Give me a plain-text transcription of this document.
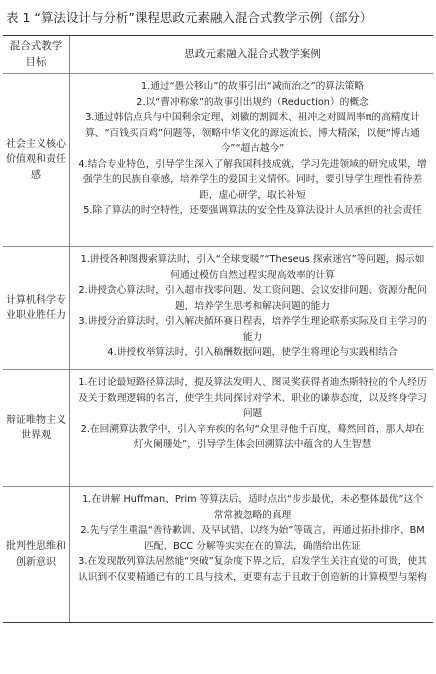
表 1 “算法设计与分析”课程思政元素融入混合式教学示例（部分）
混合式教学目标
思政元素融入混合式教学案例
社会主义核心价值观和责任感
1.通过“愚公移山”的故事引出“减而治之”的算法策略
2.以“曹冲称象”的故事引出规约（Reduction）的概念
3.通过韩信点兵与中国剩余定理、刘徽的割圆术、祖冲之对圆周率π的高精度计算、“百钱买百鸡”问题等，领略中华文化的源远流长、博大精深，以便“博古通今”“超古越今”
4.结合专业特色，引导学生深入了解我国科技成就，学习先进领域的研究成果，增强学生的民族自豪感，培养学生的爱国主义情怀。同时，要引导学生理性看待差距，虚心研学，取长补短
5.除了算法的时空特性，还要强调算法的安全性及算法设计人员承担的社会责任
计算机科学专业职业胜任力
1.讲授各种图搜索算法时，引入“全球变暖”“Theseus 探索迷宫”等问题，揭示如何通过模仿自然过程实现高效率的计算
2.讲授贪心算法时，引入超市找零问题、发工资问题、会议安排问题、资源分配问题，培养学生思考和解决问题的能力
3.讲授分治算法时，引入解决循环赛日程表，培养学生理论联系实际及自主学习的能力
4.讲授枚举算法时，引入稿酬数据问题，使学生将理论与实践相结合
辩证唯物主义世界观
1.在讨论最短路径算法时，提及算法发明人、图灵奖获得者迪杰斯特拉的个人经历及关于数理逻辑的名言，使学生共同探讨对学术、职业的谦恭态度，以及终身学习问题
2.在回溯算法教学中，引入辛弃疾的名句“众里寻他千百度，蓦然回首，那人却在灯火阑珊处”，引导学生体会回溯算法中蕴含的人生智慧
批判性思维和创新意识
1.在讲解 Huffman、Prim 等算法后，适时点出“步步最优，未必整体最优”这个常常被忽略的真理
2.先与学生重温“善待歉训、及早试错、以终为始”等箴言，再通过拓扑排序、BM 匹配、BCC 分解等实实在在的算法，确凿给出佐证
3.在发现散列算法居然能“突破”复杂度下界之后，启发学生关注直觉的可贵，使其认识到不仅要精通已有的工具与技术，更要有志于且敢于创造新的计算模型与架构
